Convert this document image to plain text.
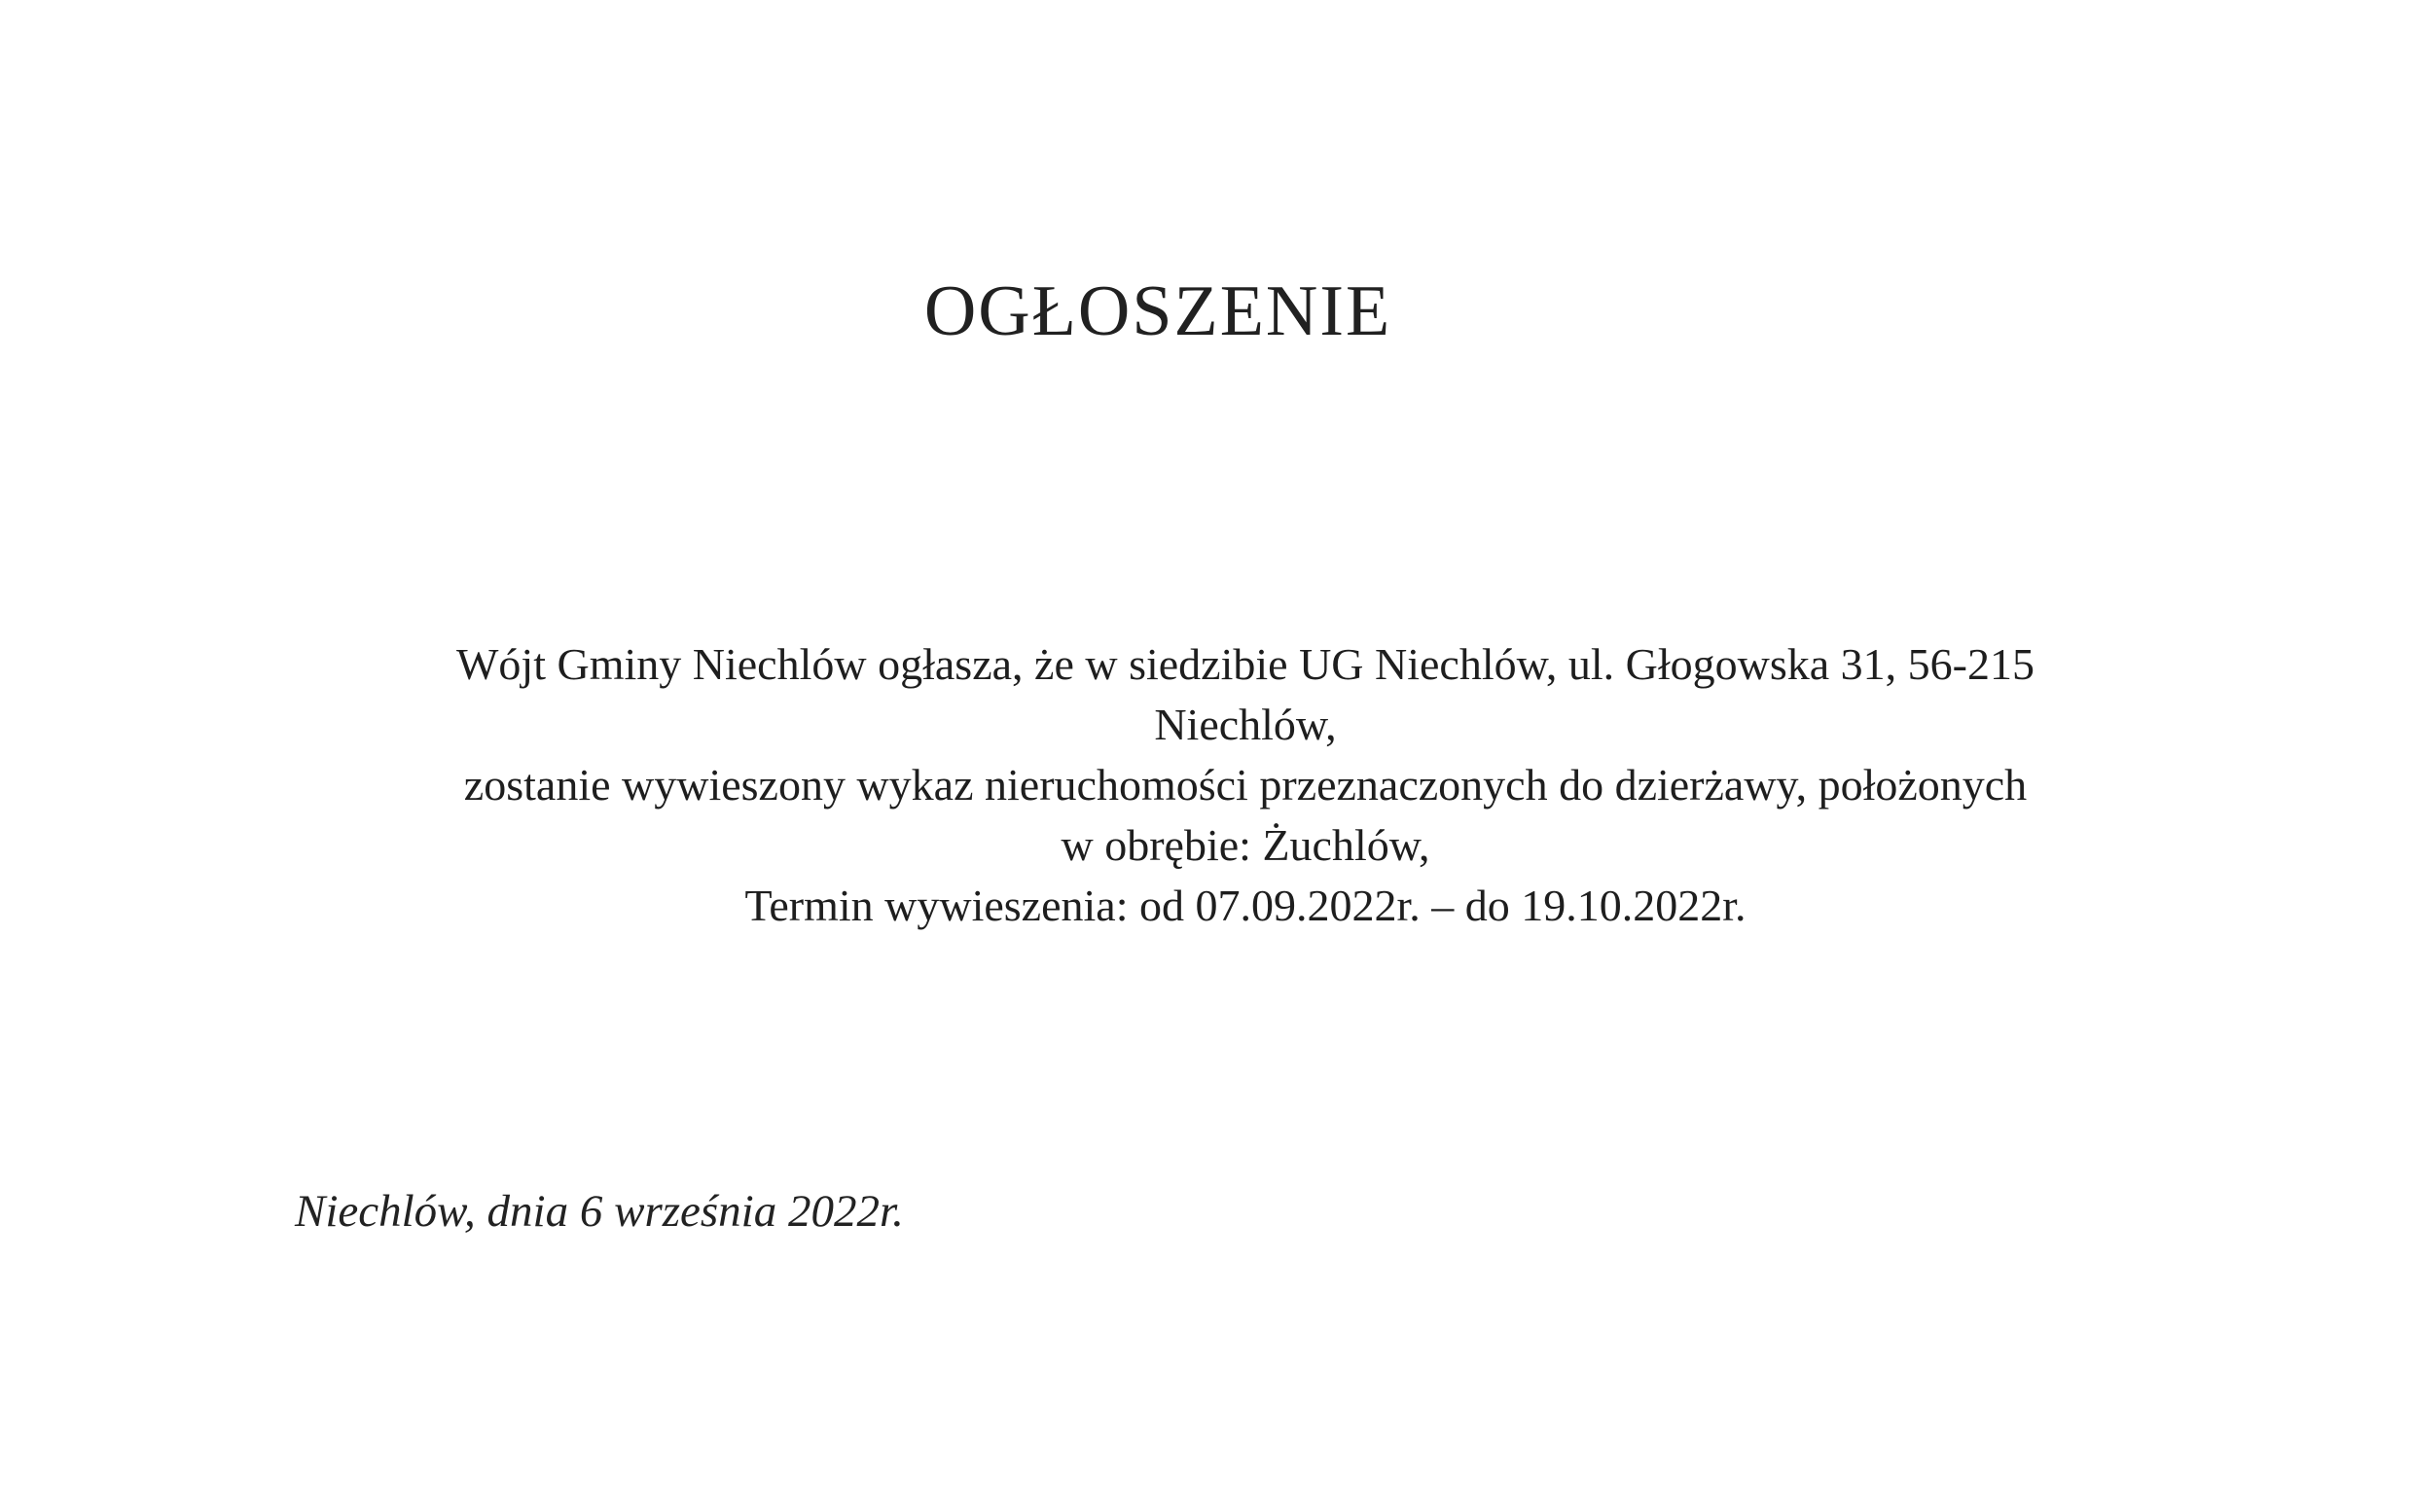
OGŁOSZENIE
Wójt Gminy Niechlów ogłasza, że w siedzibie UG Niechlów, ul. Głogowska 31, 56-215
Niechlów,
zostanie wywieszony wykaz nieruchomości przeznaczonych do dzierżawy, położonych
w obrębie: Żuchlów,
Termin wywieszenia: od 07.09.2022r. – do 19.10.2022r.
Niechlów, dnia 6 września 2022r.
